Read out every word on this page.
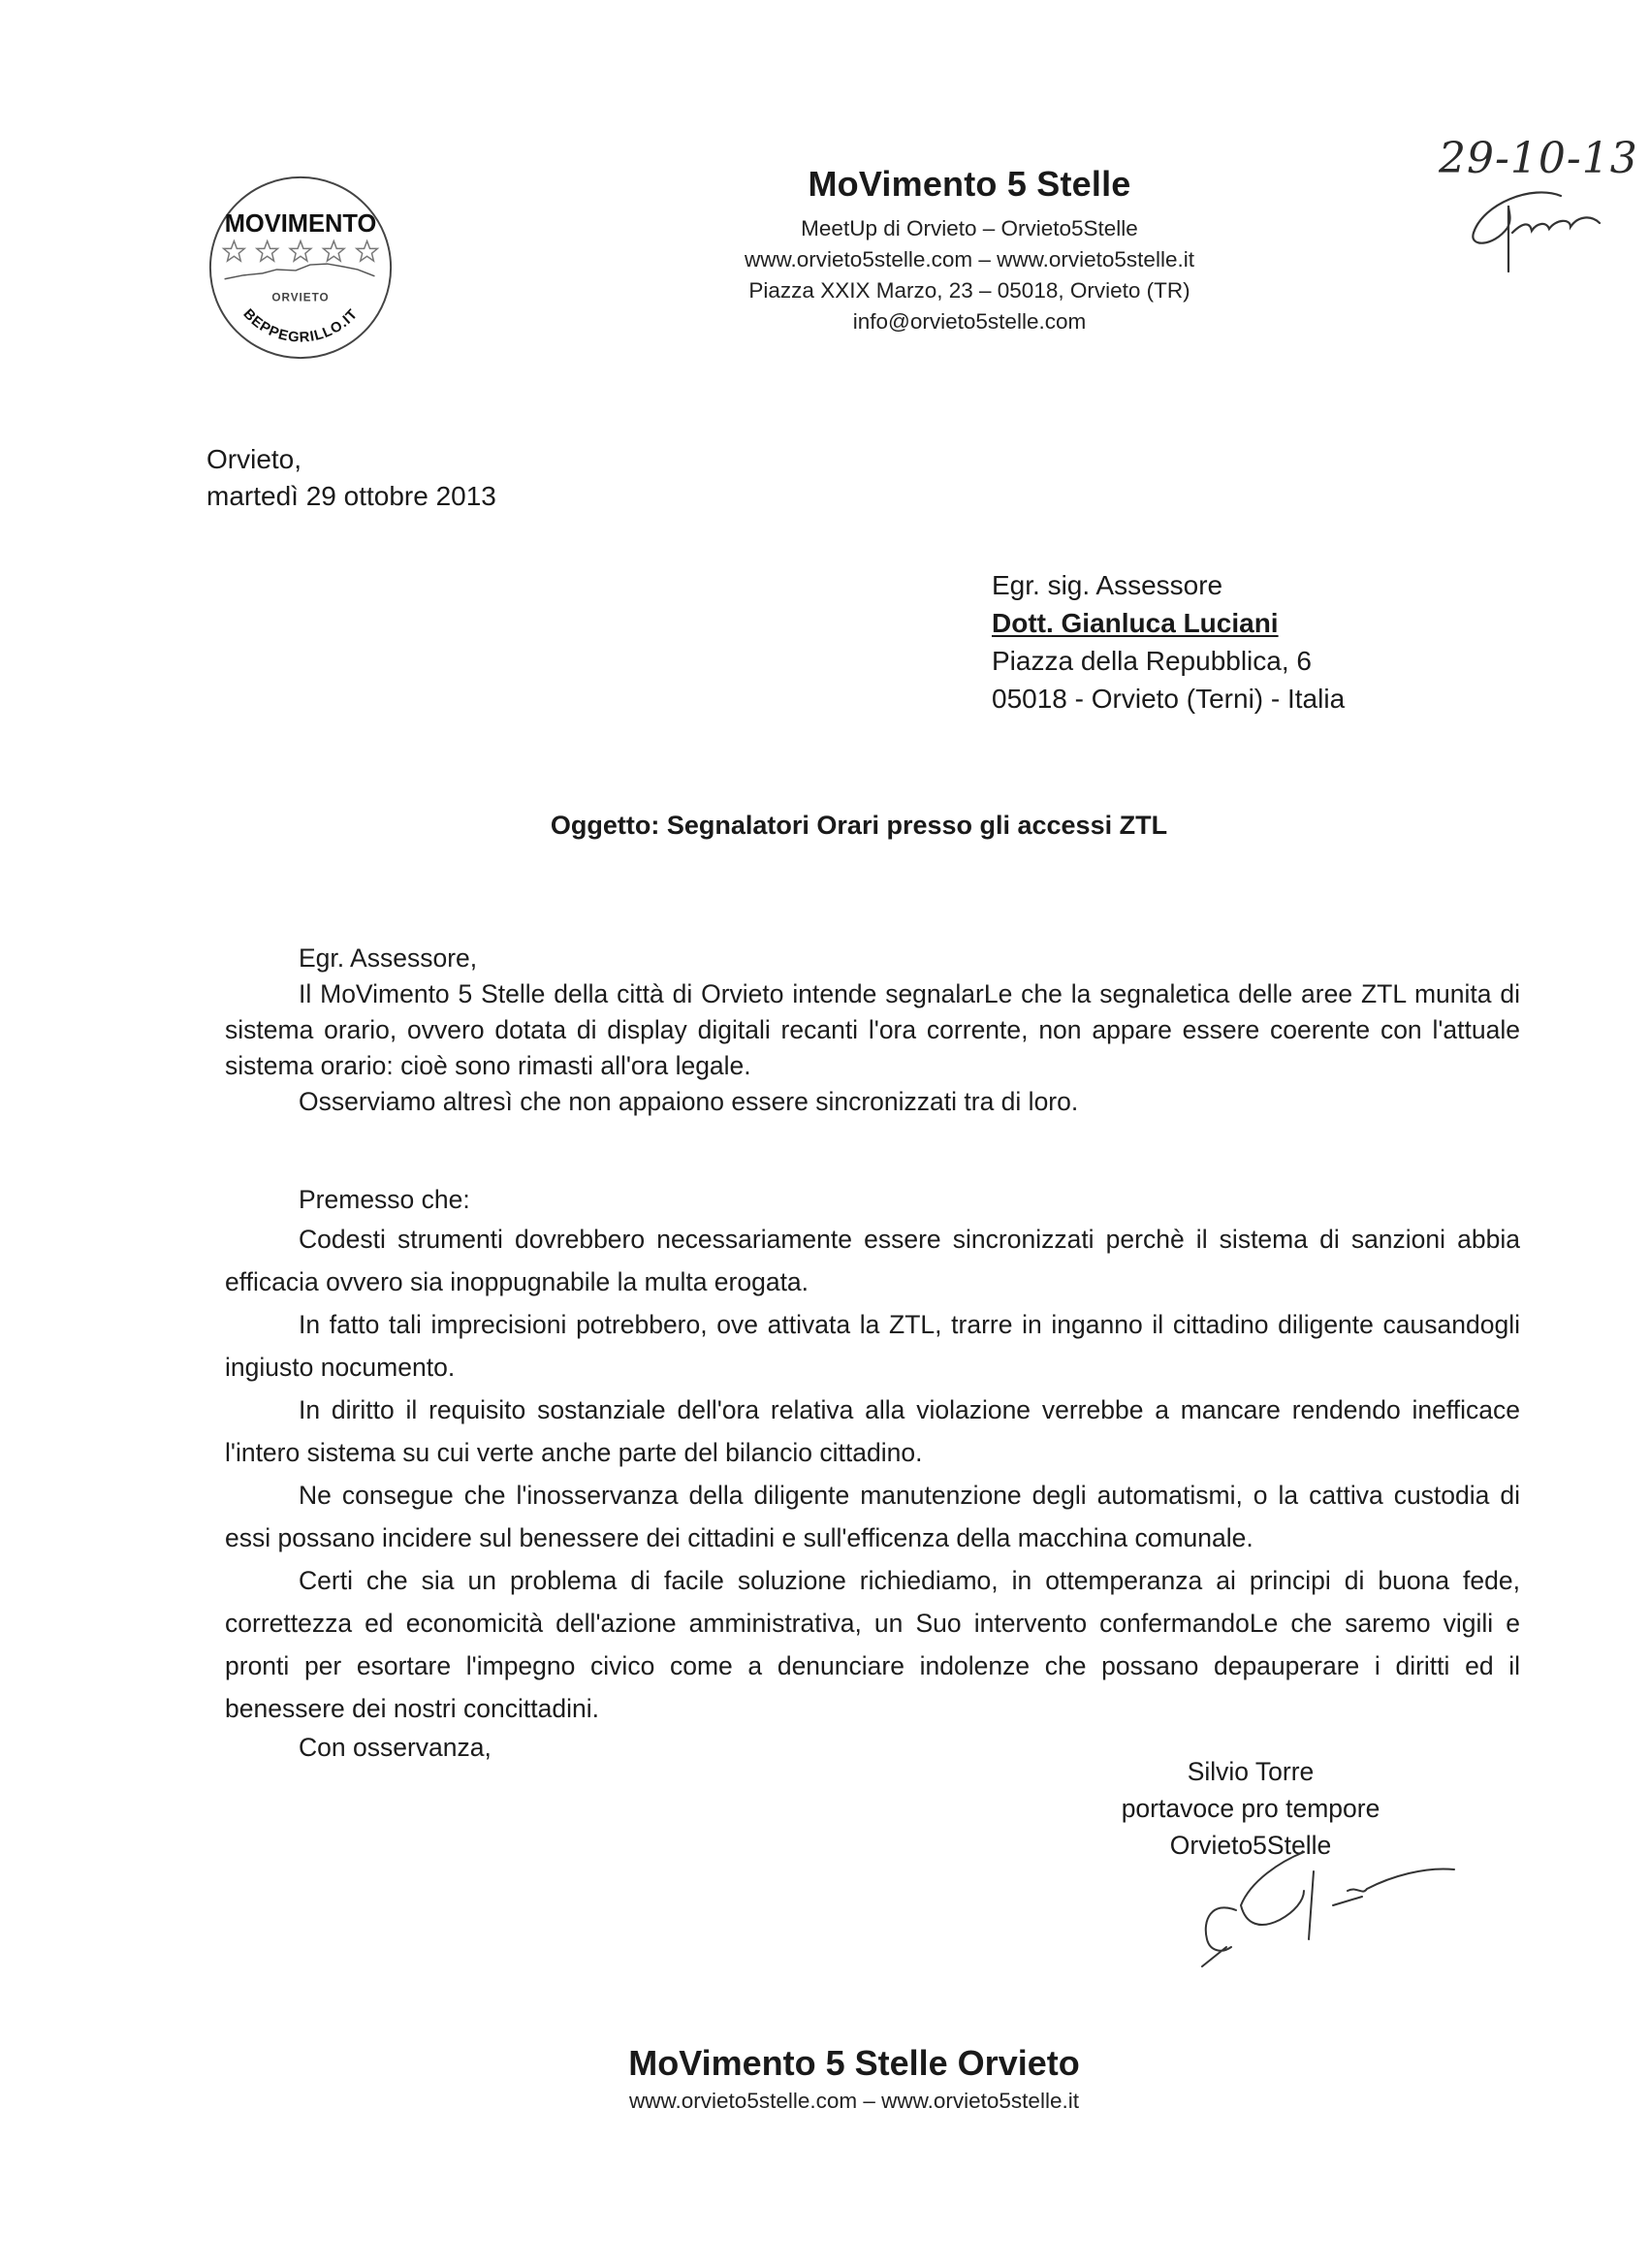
MOVIMENTO
ORVIETO
BEPPEGRILLO.IT
MoVimento 5 Stelle
MeetUp di Orvieto – Orvieto5Stelle
www.orvieto5stelle.com – www.orvieto5stelle.it
Piazza XXIX Marzo, 23 – 05018, Orvieto (TR)
info@orvieto5stelle.com
29-10-13
Orvieto,
martedì 29 ottobre 2013
Egr. sig. Assessore
Dott. Gianluca Luciani
Piazza della Repubblica, 6
05018 - Orvieto (Terni) - Italia
Oggetto: Segnalatori Orari presso gli accessi ZTL

Egr. Assessore,

Il MoVimento 5 Stelle della città di Orvieto intende segnalarLe che la segnaletica delle aree ZTL munita di sistema orario, ovvero dotata di display digitali recanti l'ora corrente, non appare essere coerente con l'attuale sistema orario: cioè sono rimasti all'ora legale.

Osserviamo altresì che non appaiono essere sincronizzati tra di loro.

Premesso che:

Codesti strumenti dovrebbero necessariamente essere sincronizzati perchè il sistema di sanzioni abbia efficacia ovvero sia inoppugnabile la multa erogata.

In fatto tali imprecisioni potrebbero, ove attivata la ZTL, trarre in inganno il cittadino diligente causandogli ingiusto nocumento.

In diritto il requisito sostanziale dell'ora relativa alla violazione verrebbe a mancare rendendo inefficace l'intero sistema su cui verte anche parte del bilancio cittadino.

Ne consegue che l'inosservanza della diligente manutenzione degli automatismi, o la cattiva custodia di essi possano incidere sul benessere dei cittadini e sull'efficenza della macchina comunale.

Certi che sia un problema di facile soluzione richiediamo, in ottemperanza ai principi di buona fede, correttezza ed economicità dell'azione amministrativa, un Suo intervento confermandoLe che saremo vigili e pronti per esortare l'impegno civico come a denunciare indolenze che possano depauperare i diritti ed il benessere dei nostri concittadini.

Con osservanza,

Silvio Torre
portavoce pro tempore
Orvieto5Stelle
MoVimento 5 Stelle Orvieto
www.orvieto5stelle.com – www.orvieto5stelle.it
